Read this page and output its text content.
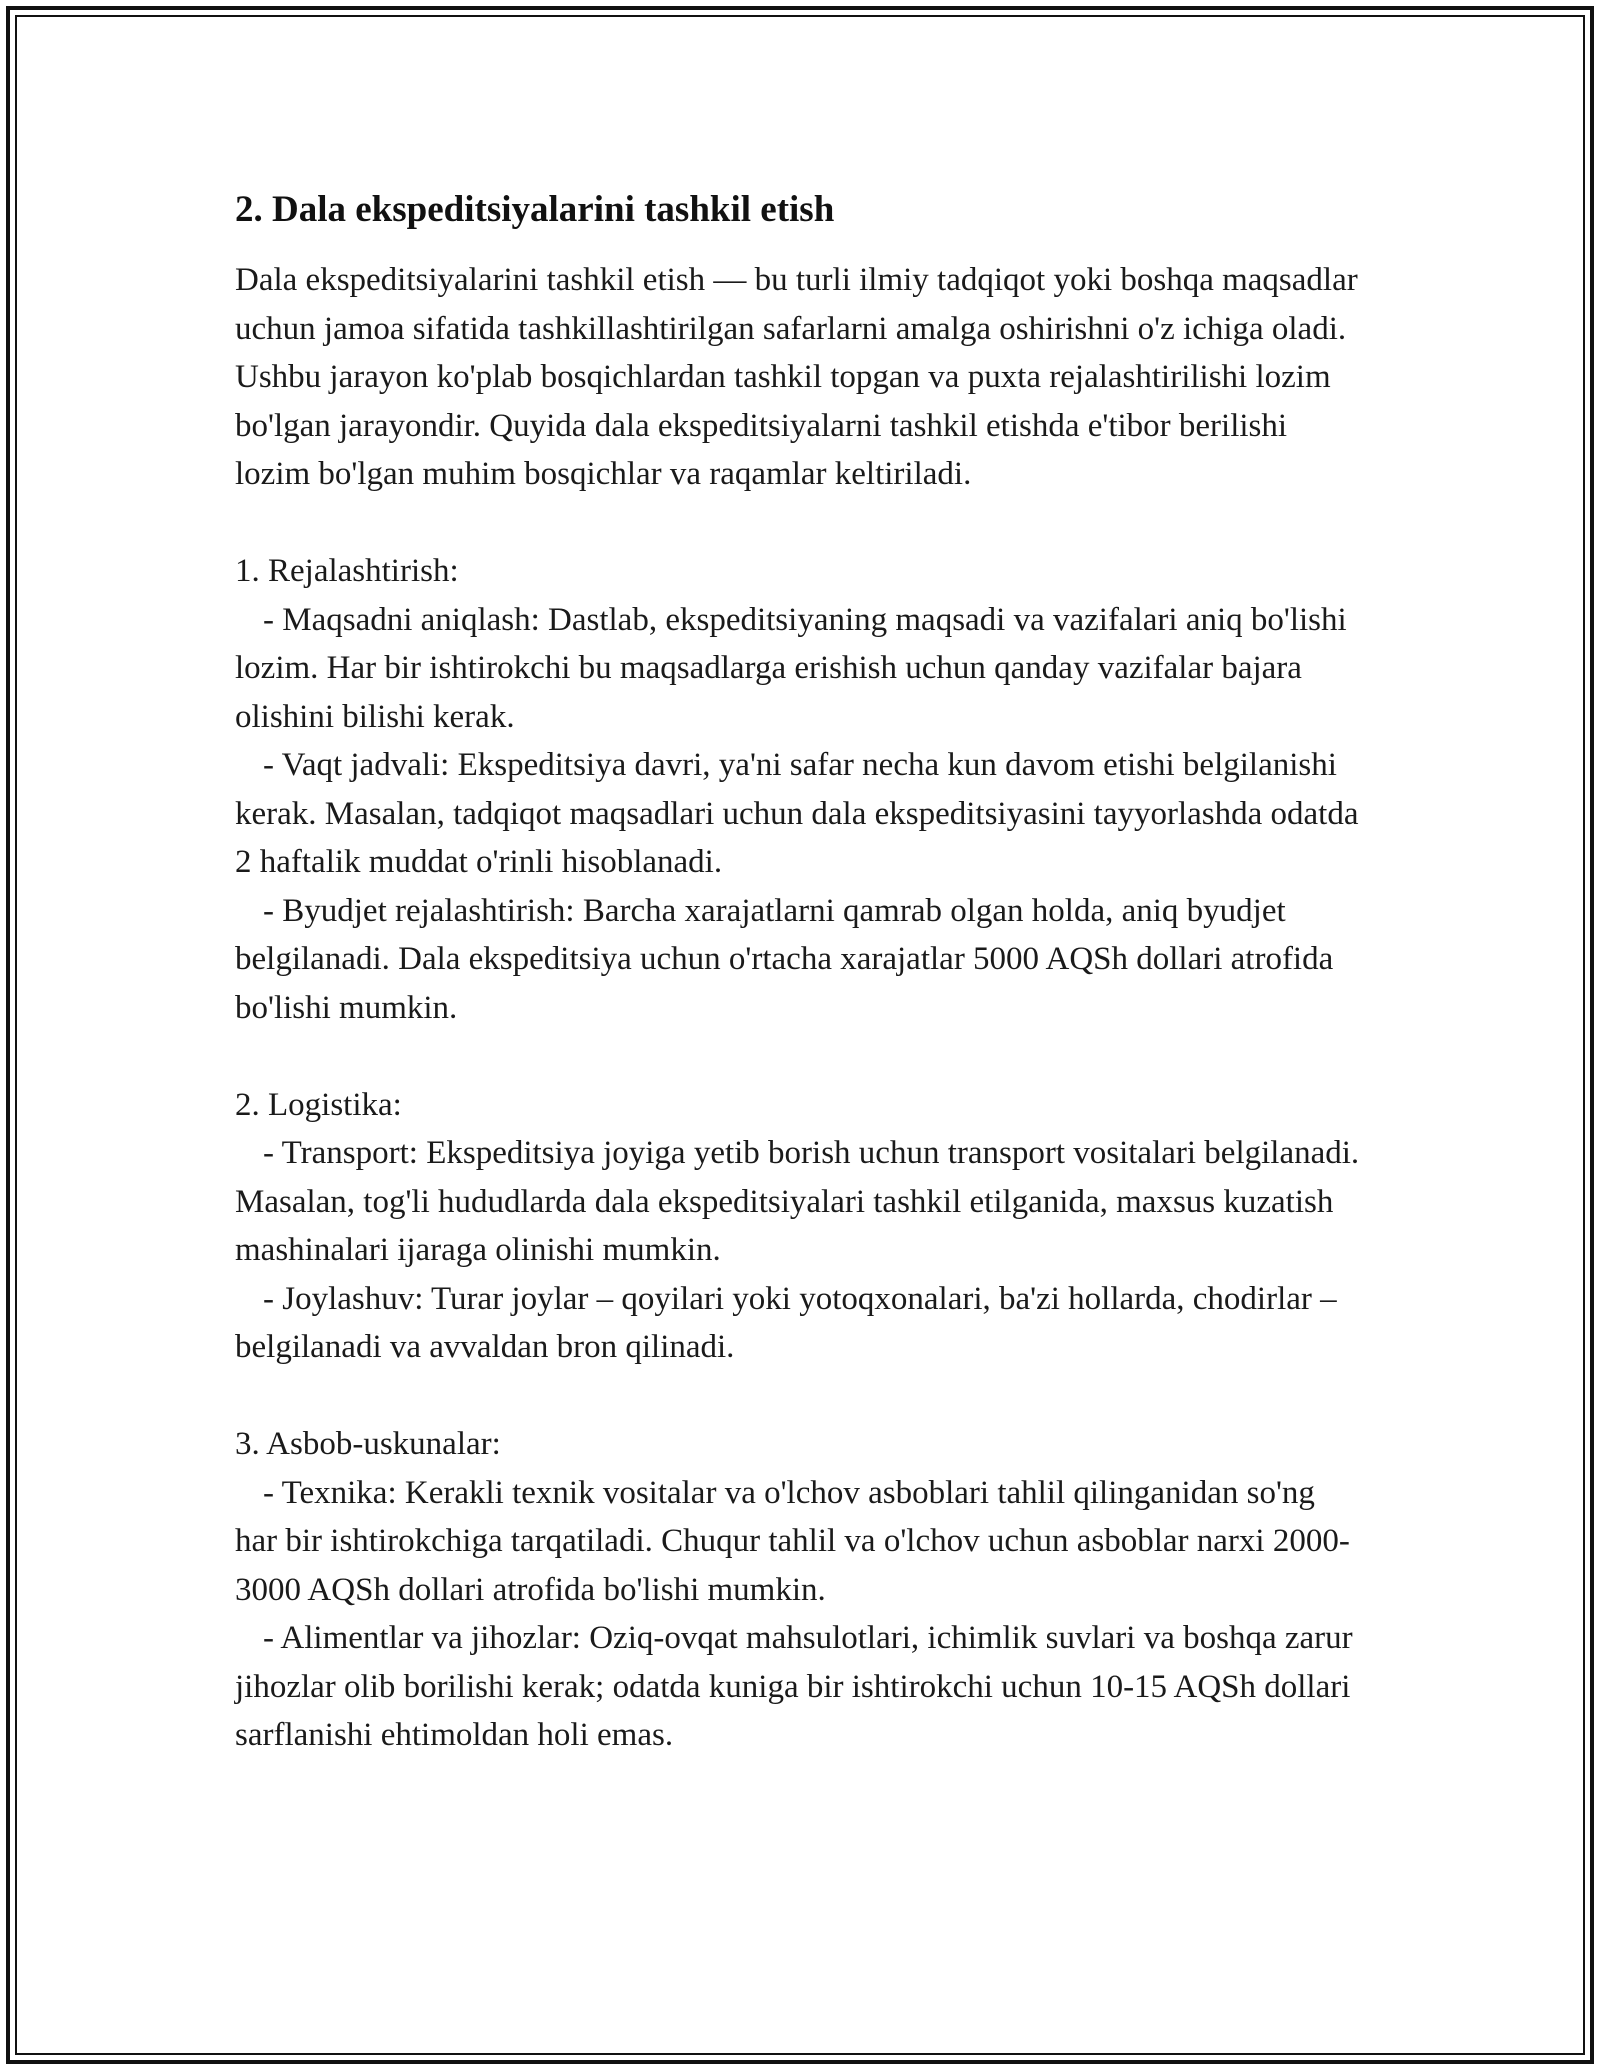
2. Dala ekspeditsiyalarini tashkil etish

Dala ekspeditsiyalarini tashkil etish — bu turli ilmiy tadqiqot yoki boshqa maqsadlar uchun jamoa sifatida tashkillashtirilgan safarlarni amalga oshirishni o'z ichiga oladi. Ushbu jarayon ko'plab bosqichlardan tashkil topgan va puxta rejalashtirilishi lozim bo'lgan jarayondir. Quyida dala ekspeditsiyalarni tashkil etishda e'tibor berilishi lozim bo'lgan muhim bosqichlar va raqamlar keltiriladi.

1. Rejalashtirish:

- Maqsadni aniqlash: Dastlab, ekspeditsiyaning maqsadi va vazifalari aniq bo'lishi lozim. Har bir ishtirokchi bu maqsadlarga erishish uchun qanday vazifalar bajara olishini bilishi kerak.

- Vaqt jadvali: Ekspeditsiya davri, ya'ni safar necha kun davom etishi belgilanishi kerak. Masalan, tadqiqot maqsadlari uchun dala ekspeditsiyasini tayyorlashda odatda 2 haftalik muddat o'rinli hisoblanadi.

- Byudjet rejalashtirish: Barcha xarajatlarni qamrab olgan holda, aniq byudjet belgilanadi. Dala ekspeditsiya uchun o'rtacha xarajatlar 5000 AQSh dollari atrofida bo'lishi mumkin.

2. Logistika:

- Transport: Ekspeditsiya joyiga yetib borish uchun transport vositalari belgilanadi. Masalan, tog'li hududlarda dala ekspeditsiyalari tashkil etilganida, maxsus kuzatish mashinalari ijaraga olinishi mumkin.

- Joylashuv: Turar joylar – qoyilari yoki yotoqxonalari, ba'zi hollarda, chodirlar – belgilanadi va avvaldan bron qilinadi.

3. Asbob-uskunalar:

- Texnika: Kerakli texnik vositalar va o'lchov asboblari tahlil qilinganidan so'ng har bir ishtirokchiga tarqatiladi. Chuqur tahlil va o'lchov uchun asboblar narxi 2000-3000 AQSh dollari atrofida bo'lishi mumkin.

- Alimentlar va jihozlar: Oziq-ovqat mahsulotlari, ichimlik suvlari va boshqa zarur jihozlar olib borilishi kerak; odatda kuniga bir ishtirokchi uchun 10-15 AQSh dollari sarflanishi ehtimoldan holi emas.
